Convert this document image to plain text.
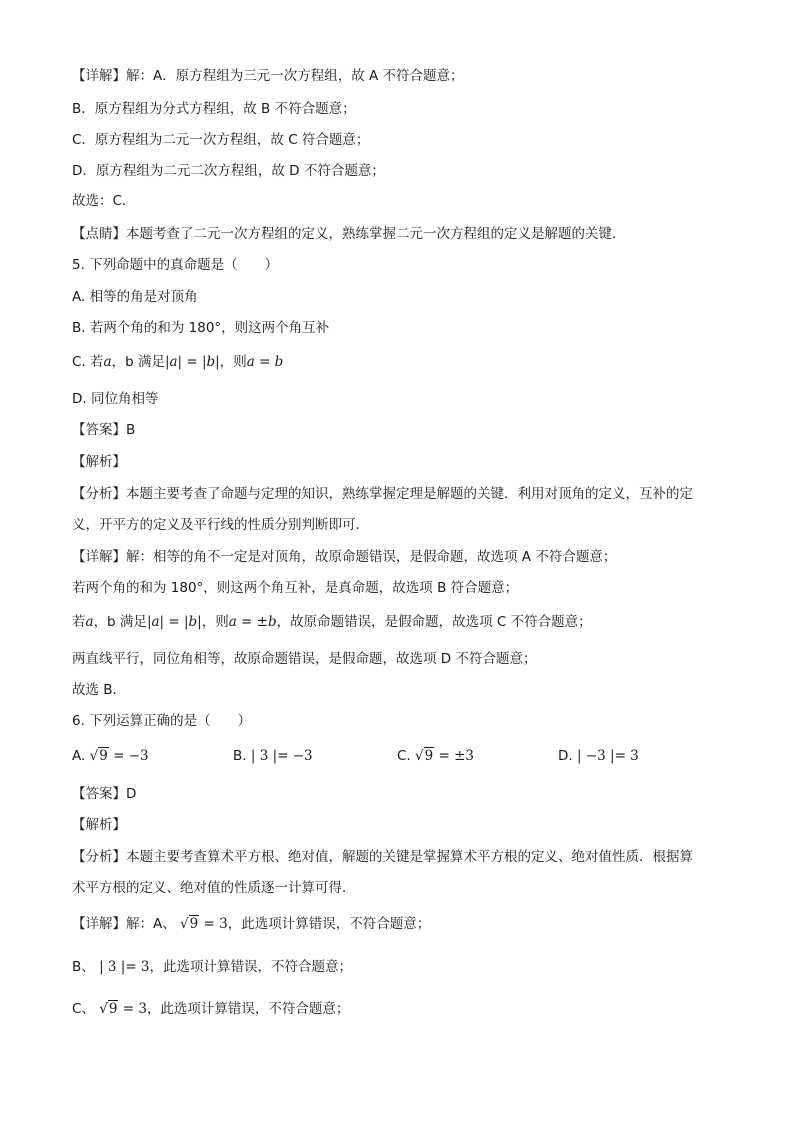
【详解】解：A．原方程组为三元一次方程组，故 A 不符合题意；
B．原方程组为分式方程组，故 B 不符合题意；
C．原方程组为二元一次方程组，故 C 符合题意；
D．原方程组为二元二次方程组，故 D 不符合题意；
故选：C．
【点睛】本题考查了二元一次方程组的定义，熟练掌握二元一次方程组的定义是解题的关键．
5. 下列命题中的真命题是（　　）
A. 相等的角是对顶角
B. 若两个角的和为 180°，则这两个角互补
C. 若a，b 满足|a| = |b|，则a = b
D. 同位角相等
【答案】B
【解析】
【分析】本题主要考查了命题与定理的知识，熟练掌握定理是解题的关键．利用对顶角的定义，互补的定
义，开平方的定义及平行线的性质分别判断即可．
【详解】解：相等的角不一定是对顶角，故原命题错误，是假命题，故选项 A 不符合题意；
若两个角的和为 180°，则这两个角互补，是真命题，故选项 B 符合题意；
若a，b 满足|a| = |b|，则a = ±b，故原命题错误，是假命题，故选项 C 不符合题意；
两直线平行，同位角相等，故原命题错误，是假命题，故选项 D 不符合题意；
故选 B．
6. 下列运算正确的是（　　）
A. √9 = −3	B. | 3 |= −3	C. √9 = ±3	D. | −3 |= 3
【答案】D
【解析】
【分析】本题主要考查算术平方根、绝对值，解题的关键是掌握算术平方根的定义、绝对值性质．根据算
术平方根的定义、绝对值的性质逐一计算可得．
【详解】解：A、 √9 = 3，此选项计算错误，不符合题意；
B、 | 3 |= 3，此选项计算错误，不符合题意；
C、 √9 = 3，此选项计算错误，不符合题意；
